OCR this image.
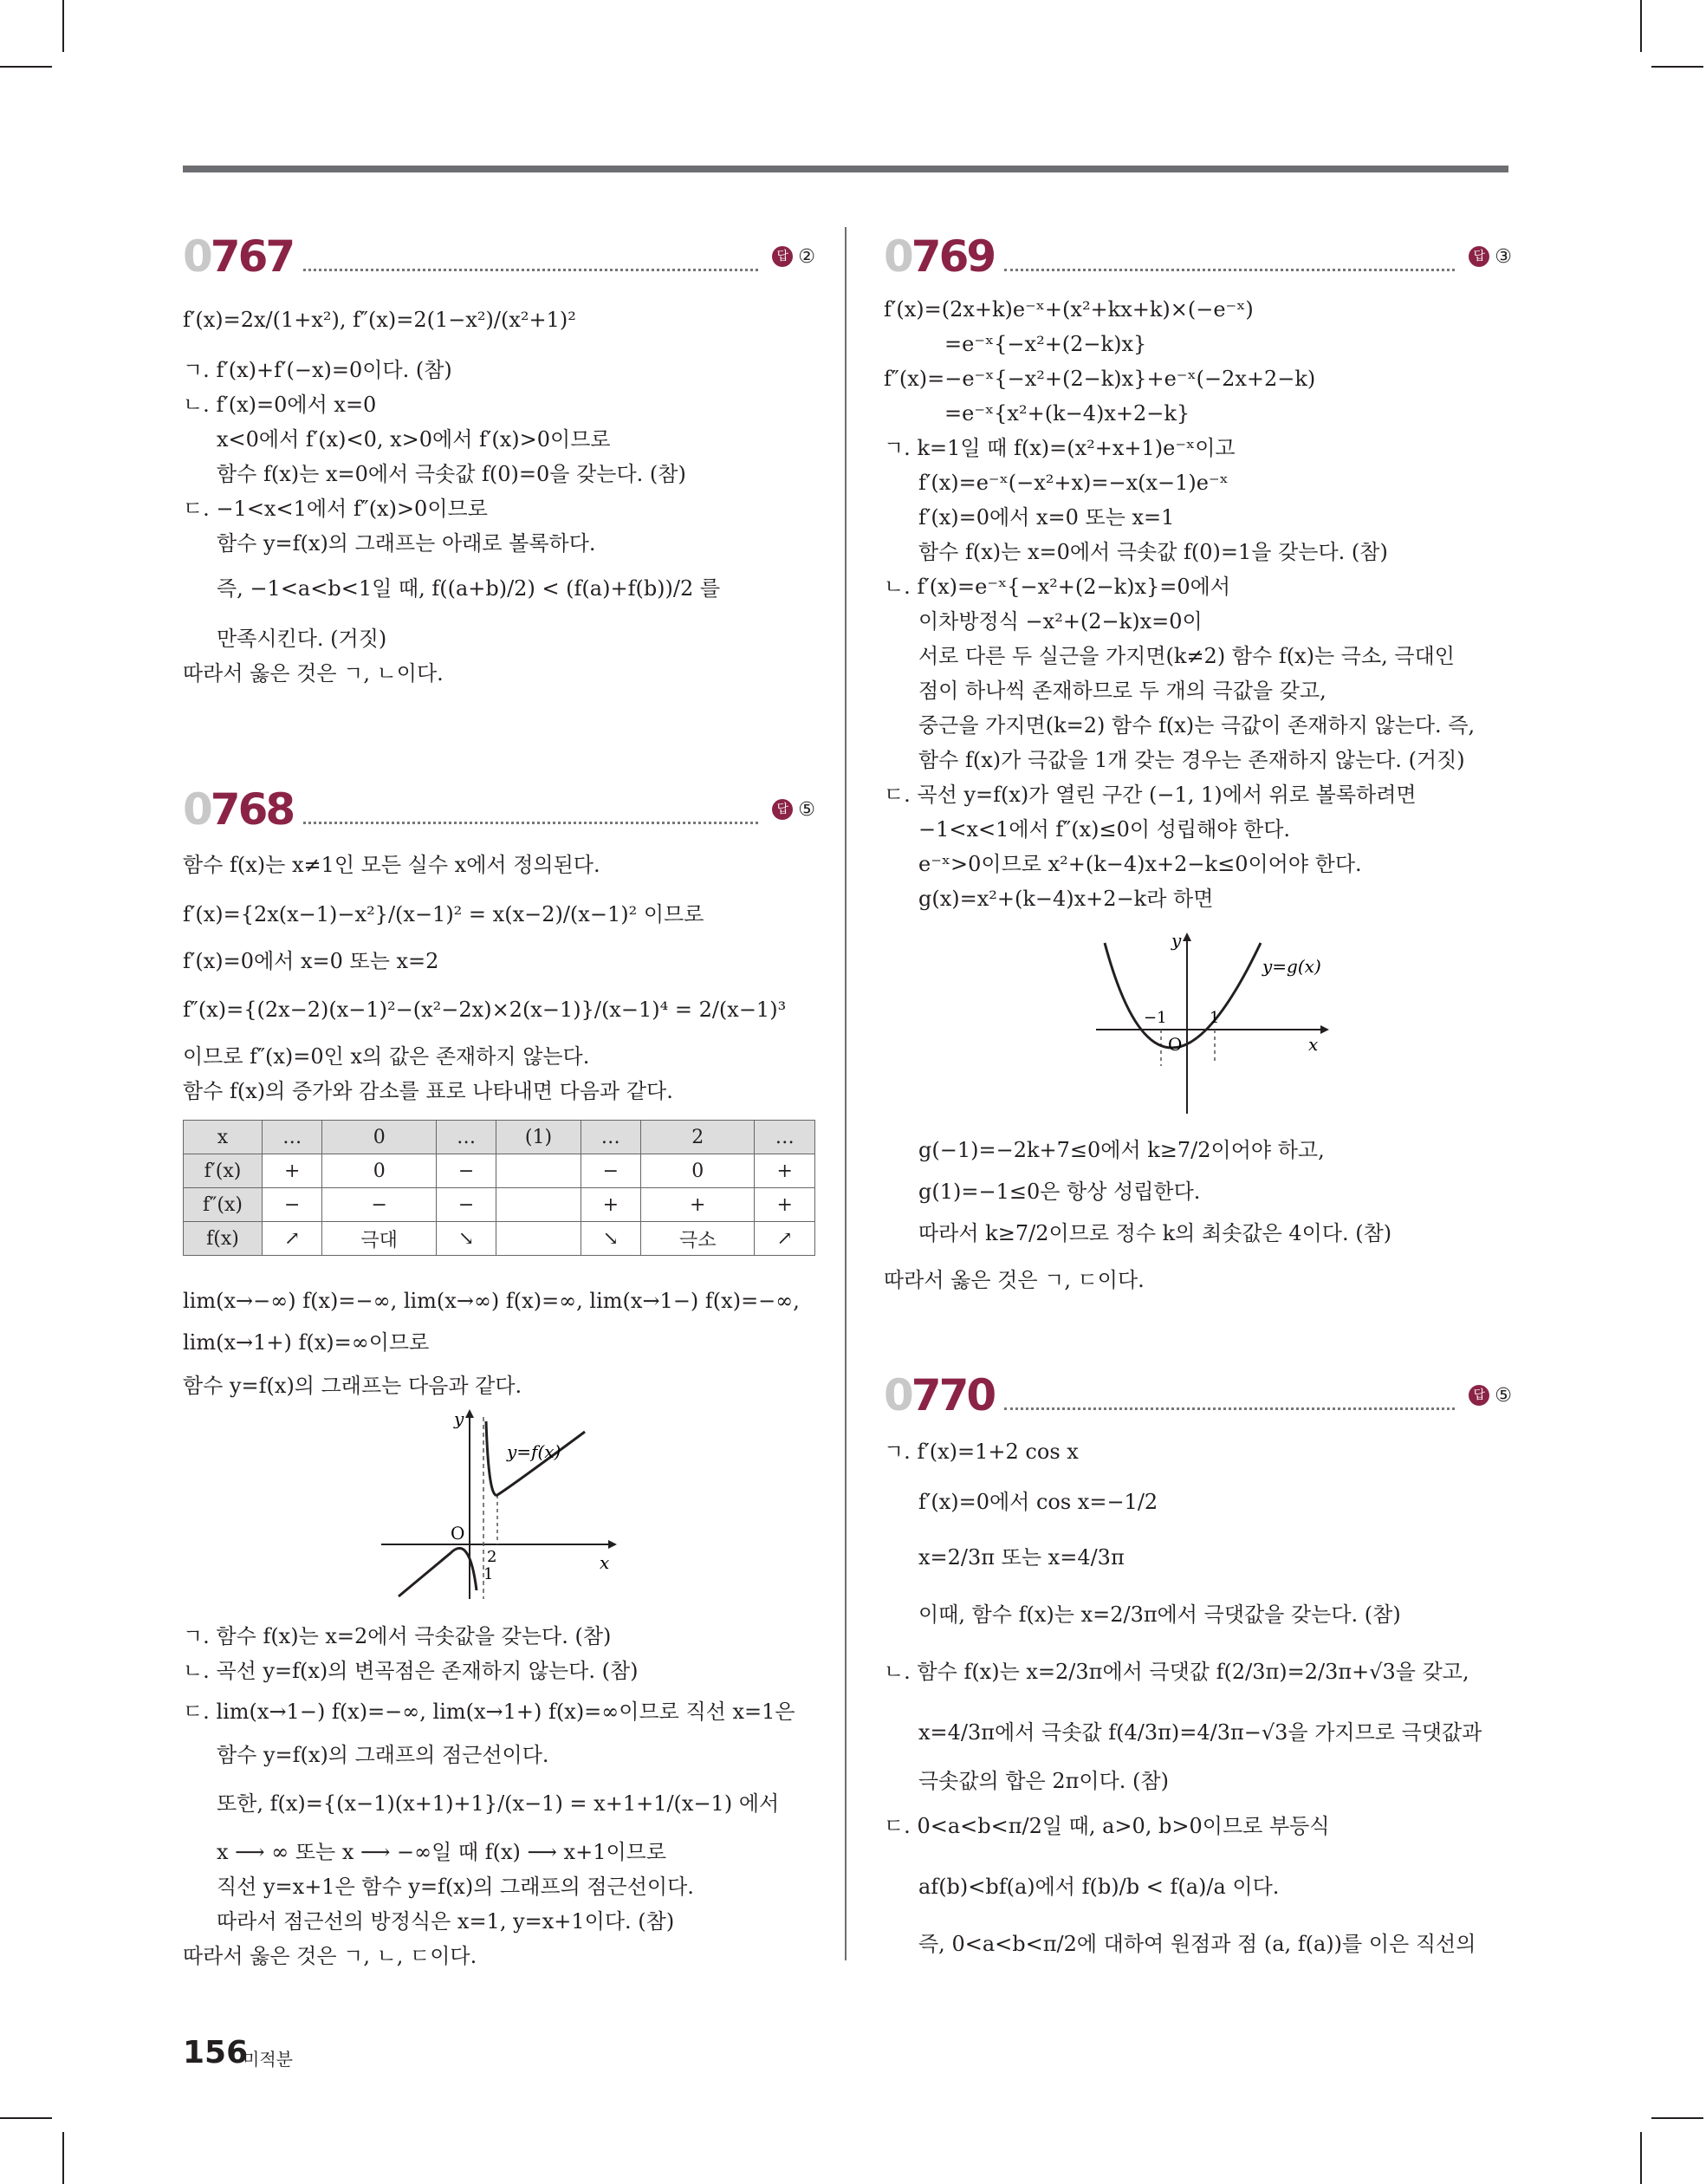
0767	답 ②
f′(x)=2x/(1+x²), f″(x)=2(1−x²)/(x²+1)²
ㄱ. f′(x)+f′(−x)=0이다. (참)
ㄴ. f′(x)=0에서 x=0
x<0에서 f′(x)<0, x>0에서 f′(x)>0이므로
함수 f(x)는 x=0에서 극솟값 f(0)=0을 갖는다. (참)
ㄷ. −1<x<1에서 f″(x)>0이므로
함수 y=f(x)의 그래프는 아래로 볼록하다.
즉, −1<a<b<1일 때, f((a+b)/2) < (f(a)+f(b))/2 를
만족시킨다. (거짓)
따라서 옳은 것은 ㄱ, ㄴ이다.
0768	답 ⑤
함수 f(x)는 x≠1인 모든 실수 x에서 정의된다.
f′(x)={2x(x−1)−x²}/(x−1)² = x(x−2)/(x−1)² 이므로
f′(x)=0에서 x=0 또는 x=2
f″(x)={(2x−2)(x−1)²−(x²−2x)×2(x−1)}/(x−1)⁴ = 2/(x−1)³
이므로 f″(x)=0인 x의 값은 존재하지 않는다.
함수 f(x)의 증가와 감소를 표로 나타내면 다음과 같다.
x	…	0	…	(1)	…	2	…
f′(x)	+	0	−		−	0	+
f″(x)	−	−	−		+	+	+
f(x)	↗	극대	↘		↘	극소	↗
lim(x→−∞) f(x)=−∞, lim(x→∞) f(x)=∞, lim(x→1−) f(x)=−∞,
lim(x→1+) f(x)=∞이므로
함수 y=f(x)의 그래프는 다음과 같다.
y=f(x)
x
y
O
2
1
ㄱ. 함수 f(x)는 x=2에서 극솟값을 갖는다. (참)
ㄴ. 곡선 y=f(x)의 변곡점은 존재하지 않는다. (참)
ㄷ. lim(x→1−) f(x)=−∞, lim(x→1+) f(x)=∞이므로 직선 x=1은
함수 y=f(x)의 그래프의 점근선이다.
또한, f(x)={(x−1)(x+1)+1}/(x−1) = x+1+1/(x−1) 에서
x ⟶ ∞ 또는 x ⟶ −∞일 때 f(x) ⟶ x+1이므로
직선 y=x+1은 함수 y=f(x)의 그래프의 점근선이다.
따라서 점근선의 방정식은 x=1, y=x+1이다. (참)
따라서 옳은 것은 ㄱ, ㄴ, ㄷ이다.
0769	답 ③
f′(x)=(2x+k)e⁻ˣ+(x²+kx+k)×(−e⁻ˣ)
=e⁻ˣ{−x²+(2−k)x}
f″(x)=−e⁻ˣ{−x²+(2−k)x}+e⁻ˣ(−2x+2−k)
=e⁻ˣ{x²+(k−4)x+2−k}
ㄱ. k=1일 때 f(x)=(x²+x+1)e⁻ˣ이고
f′(x)=e⁻ˣ(−x²+x)=−x(x−1)e⁻ˣ
f′(x)=0에서 x=0 또는 x=1
함수 f(x)는 x=0에서 극솟값 f(0)=1을 갖는다. (참)
ㄴ. f′(x)=e⁻ˣ{−x²+(2−k)x}=0에서
이차방정식 −x²+(2−k)x=0이
서로 다른 두 실근을 가지면(k≠2) 함수 f(x)는 극소, 극대인
점이 하나씩 존재하므로 두 개의 극값을 갖고,
중근을 가지면(k=2) 함수 f(x)는 극값이 존재하지 않는다. 즉,
함수 f(x)가 극값을 1개 갖는 경우는 존재하지 않는다. (거짓)
ㄷ. 곡선 y=f(x)가 열린 구간 (−1, 1)에서 위로 볼록하려면
−1<x<1에서 f″(x)≤0이 성립해야 한다.
e⁻ˣ>0이므로 x²+(k−4)x+2−k≤0이어야 한다.
g(x)=x²+(k−4)x+2−k라 하면
y=g(x)
x
y
O
−1	1
g(−1)=−2k+7≤0에서 k≥7/2이어야 하고,
g(1)=−1≤0은 항상 성립한다.
따라서 k≥7/2이므로 정수 k의 최솟값은 4이다. (참)
따라서 옳은 것은 ㄱ, ㄷ이다.
0770	답 ⑤
ㄱ. f′(x)=1+2 cos x
f′(x)=0에서 cos x=−1/2
x=2/3π 또는 x=4/3π
이때, 함수 f(x)는 x=2/3π에서 극댓값을 갖는다. (참)
ㄴ. 함수 f(x)는 x=2/3π에서 극댓값 f(2/3π)=2/3π+√3을 갖고,
x=4/3π에서 극솟값 f(4/3π)=4/3π−√3을 가지므로 극댓값과
극솟값의 합은 2π이다. (참)
ㄷ. 0<a<b<π/2일 때, a>0, b>0이므로 부등식
af(b)<bf(a)에서 f(b)/b < f(a)/a 이다.
즉, 0<a<b<π/2에 대하여 원점과 점 (a, f(a))를 이은 직선의
156
미적분
